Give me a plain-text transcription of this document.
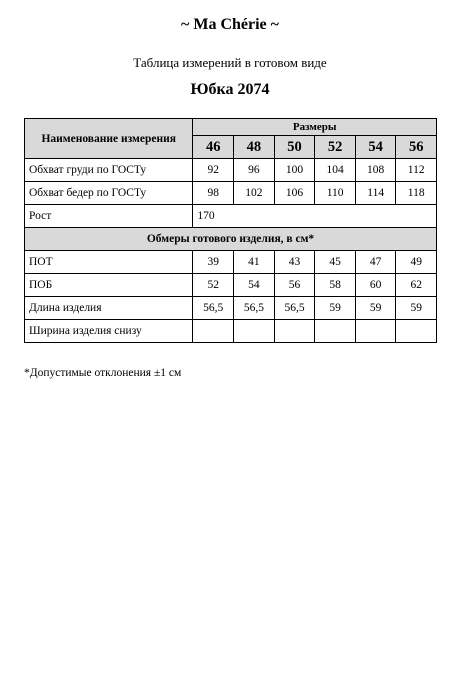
~ Ma Chérie ~
Таблица измерений в готовом виде
Юбка 2074
Наименование измерения	Размеры					
	46	48	50	52	54	56
Обхват груди по ГОСТу	92	96	100	104	108	112
Обхват бедер по ГОСТу	98	102	106	110	114	118
Рост	170					
Обмеры готового изделия, в см*						
ПОТ	39	41	43	45	47	49
ПОБ	52	54	56	58	60	62
Длина изделия	56,5	56,5	56,5	59	59	59
Ширина изделия снизу						
*Допустимые отклонения ±1 см
